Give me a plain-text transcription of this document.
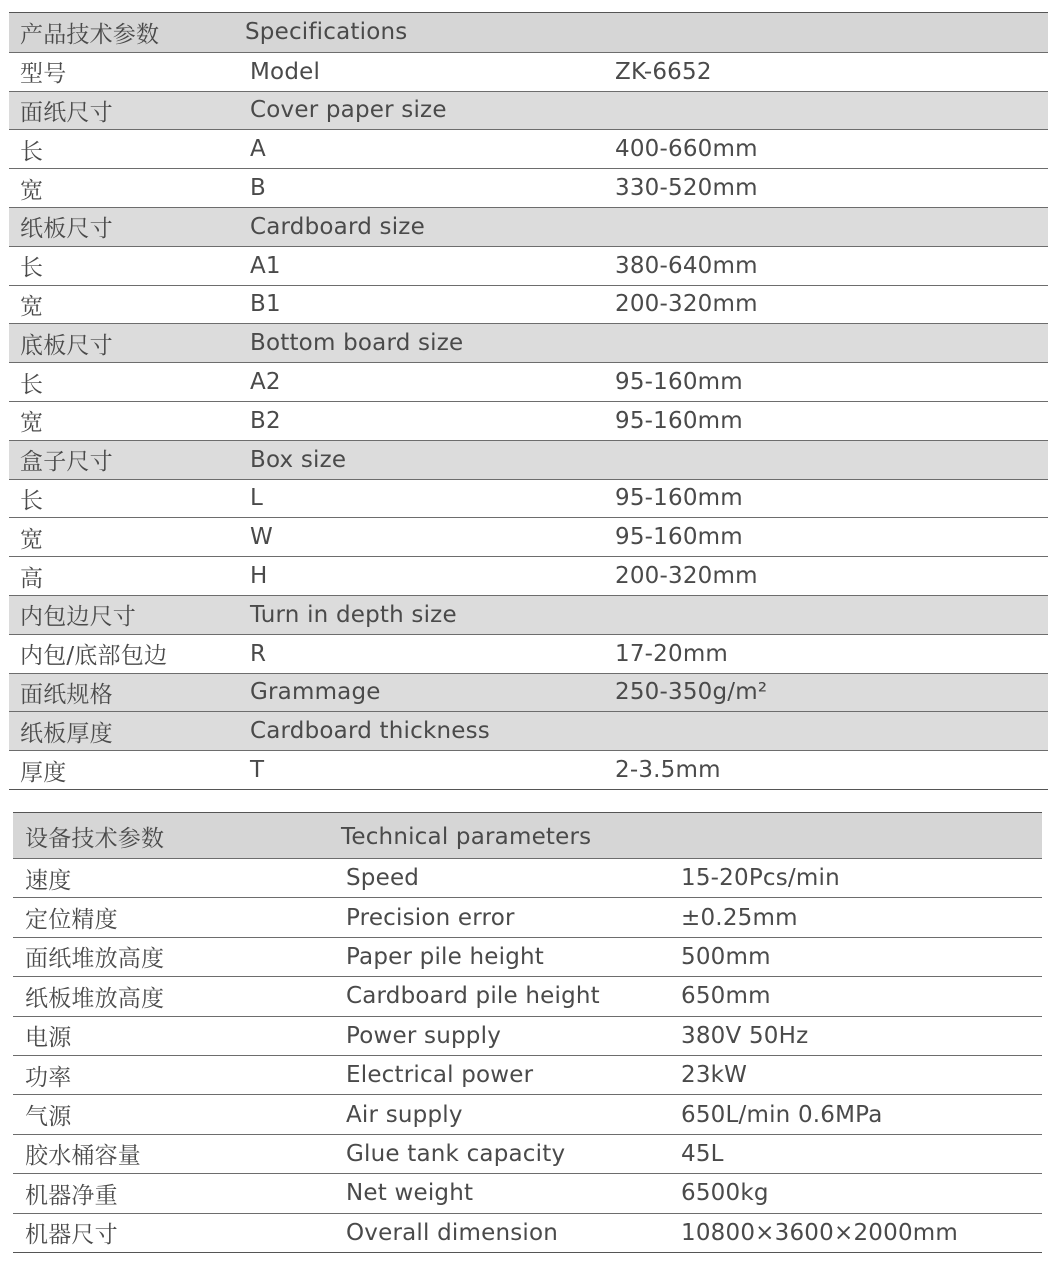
产品技术参数	Specifications
型号	Model	ZK-6652
面纸尺寸	Cover paper size
长	A	400-660mm
宽	B	330-520mm
纸板尺寸	Cardboard size
长	A1	380-640mm
宽	B1	200-320mm
底板尺寸	Bottom board size
长	A2	95-160mm
宽	B2	95-160mm
盒子尺寸	Box size
长	L	95-160mm
宽	W	95-160mm
高	H	200-320mm
内包边尺寸	Turn in depth size
内包/底部包边	R	17-20mm
面纸规格	Grammage	250-350g/m²
纸板厚度	Cardboard thickness
厚度	T	2-3.5mm
设备技术参数	Technical parameters
速度	Speed	15-20Pcs/min
定位精度	Precision error	±0.25mm
面纸堆放高度	Paper pile height	500mm
纸板堆放高度	Cardboard pile height	650mm
电源	Power supply	380V 50Hz
功率	Electrical power	23kW
气源	Air supply	650L/min 0.6MPa
胶水桶容量	Glue tank capacity	45L
机器净重	Net weight	6500kg
机器尺寸	Overall dimension	10800×3600×2000mm
